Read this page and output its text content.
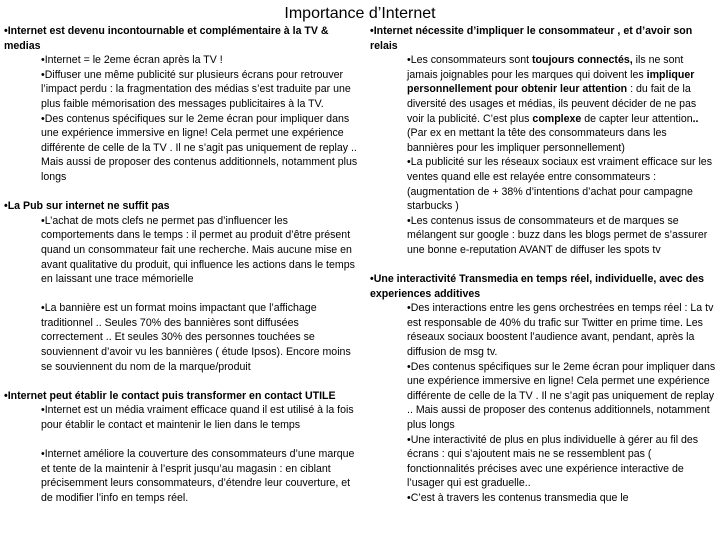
Importance d’Internet

•Internet est devenu incontournable et complémentaire à la TV & medias

•Internet = le 2eme écran après la TV !

•Diffuser une même publicité sur plusieurs écrans pour retrouver l’impact perdu : la fragmentation des médias s’est traduite par une plus faible mémorisation des messages publicitaires à la TV.

•Des contenus spécifiques sur le 2eme écran pour impliquer dans une expérience immersive en ligne! Cela permet une expérience différente de celle de la TV . Il ne s’agit pas uniquement de replay .. Mais aussi de proposer des contenus additionnels, notamment plus longs

•La Pub sur internet ne suffit pas

•L’achat de mots clefs ne permet pas d’influencer les comportements dans le temps : il permet au produit d’être présent quand un consommateur fait une recherche. Mais aucune mise en avant qualitative du produit, qui influence les actions dans le temps en laissant une trace mémorielle

•La bannière est un format moins impactant que l’affichage traditionnel .. Seules 70% des bannières sont diffusées correctement .. Et seules 30% des personnes touchées se souviennent d’avoir vu les bannières ( étude Ipsos). Encore moins se souviennent du nom de la marque/produit

•Internet peut établir le contact puis transformer en contact UTILE

•Internet est un média vraiment efficace quand il est utilisé à la fois pour établir le contact et maintenir le lien dans le temps

•Internet améliore la couverture des consommateurs d’une marque et tente de la maintenir à l’esprit jusqu’au magasin : en ciblant précisemment leurs consommateurs, d’étendre leur couverture, et de modifier l’info en temps réel.

•Internet nécessite d’impliquer le consommateur , et d’avoir son relais

•Les consommateurs sont toujours connectés, ils ne sont jamais joignables pour les marques qui doivent les impliquer personnellement pour obtenir leur attention : du fait de la diversité des usages et médias, ils peuvent décider de ne pas voir la publicité. C’est plus complexe de capter leur attention.. (Par ex en mettant la tête des consommateurs dans les bannières pour les impliquer personnellement)

•La publicité sur les réseaux sociaux est vraiment efficace sur les ventes quand elle est relayée entre consommateurs : (augmentation de + 38% d’intentions d’achat pour campagne starbucks )

•Les contenus issus de consommateurs et de marques se mélangent sur google : buzz dans les blogs permet de s’assurer une bonne e-reputation AVANT de diffuser les spots tv

•Une interactivité Transmedia en temps réel, individuelle, avec des experiences additives

•Des interactions entre les gens orchestrées en temps réel : La tv est responsable de 40% du trafic sur Twitter en prime time. Les réseaux sociaux boostent l’audience avant, pendant, après la diffusion de msg tv.

•Des contenus spécifiques sur le 2eme écran pour impliquer dans une expérience immersive en ligne! Cela permet une expérience différente de celle de la TV . Il ne s’agit pas uniquement de replay .. Mais aussi de proposer des contenus additionnels, notamment plus longs

•Une interactivité de plus en plus individuelle à gérer au fil des écrans : qui s’ajoutent mais ne se ressemblent pas ( fonctionnalités précises avec une expérience interactive de l’usager qui est graduelle..

•C’est à travers les contenus transmedia que le
